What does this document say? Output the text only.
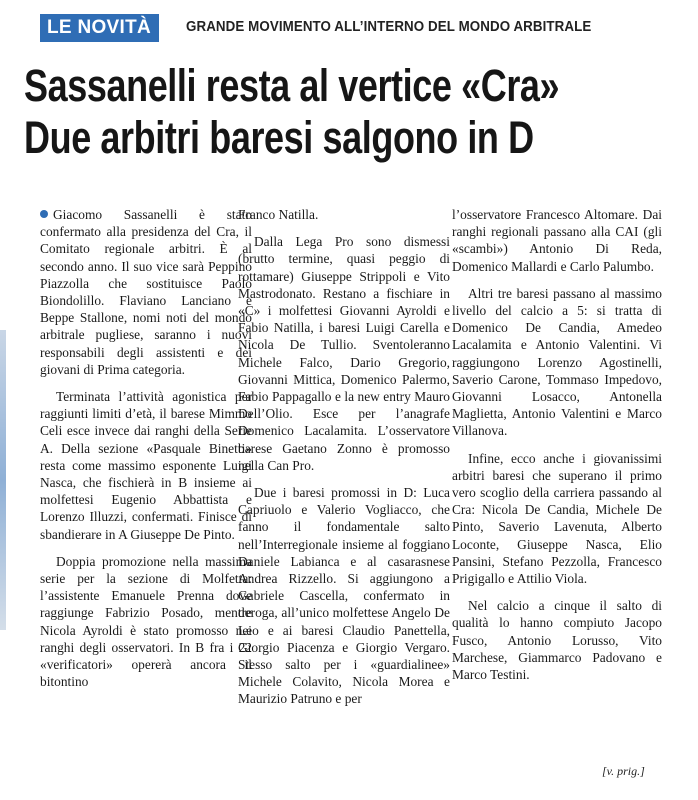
LE NOVITÀ	GRANDE MOVIMENTO ALL’INTERNO DEL MONDO ARBITRALE
Sassanelli resta al vertice «Cra»
Due arbitri baresi salgono in D

Giacomo Sassanelli è stato confermato alla presidenza del Cra, il Comitato regionale arbitri. È al secondo anno. Il suo vice sarà Peppino Piazzolla che sostituisce Paolo Biondolillo. Flaviano Lanciano e Beppe Stallone, nomi noti del mondo arbitrale pugliese, saranno i nuovi responsabili degli assistenti e dei giovani di Prima categoria.

Terminata l’attività agonistica per raggiunti limiti d’età, il barese Mimmo Celi esce invece dai ranghi della Serie A. Della sezione «Pasquale Binetti» resta come massimo esponente Luigi Nasca, che fischierà in B insieme ai molfettesi Eugenio Abbattista e Lorenzo Illuzzi, confermati. Finisce di sbandierare in A Giuseppe De Pinto.

Doppia promozione nella massima serie per la sezione di Molfetta: l’assistente Emanuele Prenna dove raggiunge Fabrizio Posado, mentre Nicola Ayroldi è stato promosso nei ranghi degli osservatori. In B fra i 22 «verificatori» opererà ancora il bitontino

Franco Natilla.

Dalla Lega Pro sono dismessi (brutto termine, quasi peggio di rottamare) Giuseppe Strippoli e Vito Mastrodonato. Restano a fischiare in «C» i molfettesi Giovanni Ayroldi e Fabio Natilla, i baresi Luigi Carella e Nicola De Tullio. Sventoleranno Michele Falco, Dario Gregorio, Giovanni Mittica, Domenico Palermo, Fabio Pappagallo e la new entry Mauro Dell’Olio. Esce per l’anagrafe Domenico Lacalamita. L’osservatore barese Gaetano Zonno è promosso nella Can Pro.

Due i baresi promossi in D: Luca Capriuolo e Valerio Vogliacco, che fanno il fondamentale salto nell’Interregionale insieme al foggiano Daniele Labianca e al casarasnese Andrea Rizzello. Si aggiungono a Gabriele Cascella, confermato in deroga, all’unico molfettese Angelo De Leo e ai baresi Claudio Panettella, Giorgio Piacenza e Giorgio Vergaro. Stesso salto per i «guardialinee» Michele Colavito, Nicola Morea e Maurizio Patruno e per

l’osservatore Francesco Altomare. Dai ranghi regionali passano alla CAI (gli «scambi») Antonio Di Reda, Domenico Mallardi e Carlo Palumbo.

Altri tre baresi passano al massimo livello del calcio a 5: si tratta di Domenico De Candia, Amedeo Lacalamita e Antonio Valentini. Vi raggiungono Lorenzo Agostinelli, Saverio Carone, Tommaso Impedovo, Giovanni Losacco, Antonella Maglietta, Antonio Valentini e Marco Villanova.

Infine, ecco anche i giovanissimi arbitri baresi che superano il primo vero scoglio della carriera passando al Cra: Nicola De Candia, Michele De Pinto, Saverio Lavenuta, Alberto Loconte, Giuseppe Nasca, Elio Pansini, Stefano Pezzolla, Francesco Prigigallo e Attilio Viola.

Nel calcio a cinque il salto di qualità lo hanno compiuto Jacopo Fusco, Antonio Lorusso, Vito Marchese, Giammarco Padovano e Marco Testini.

[v. prig.]
